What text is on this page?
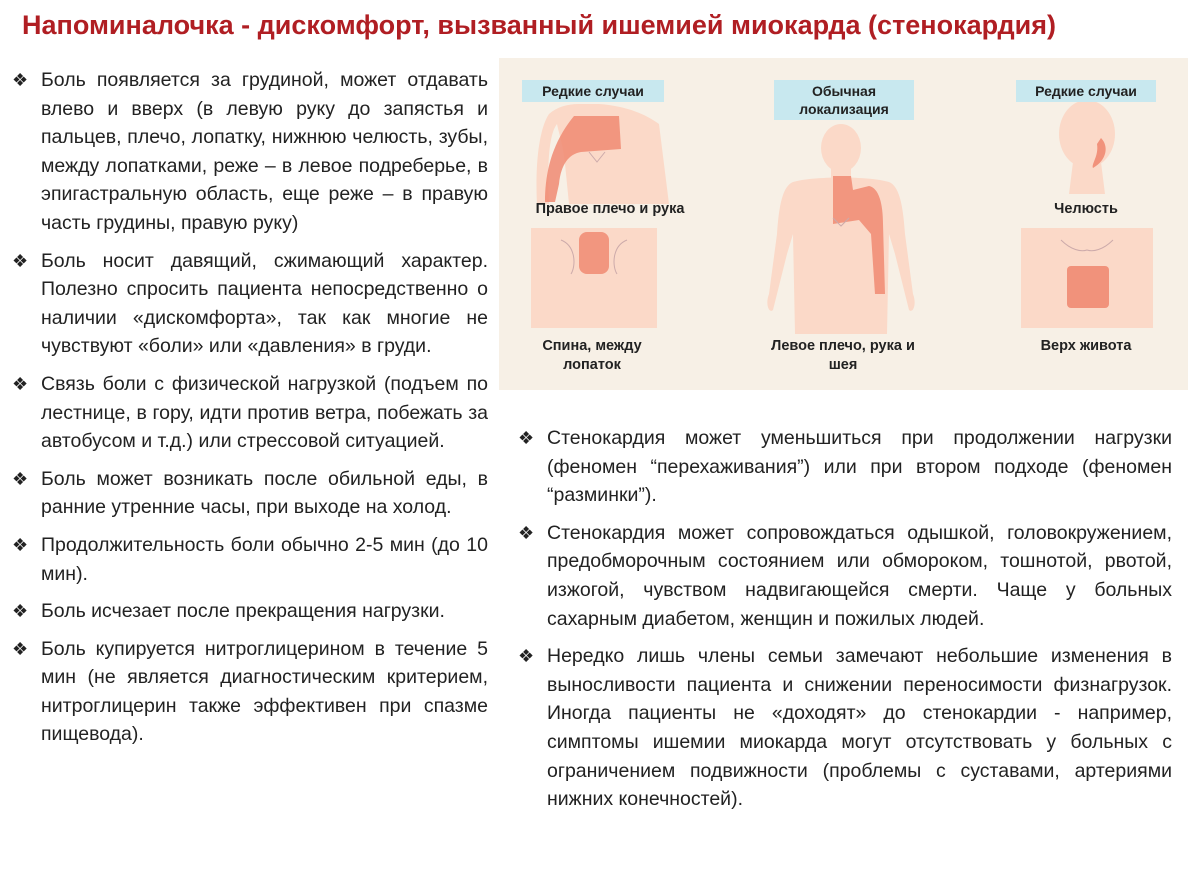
Напоминалочка - дискомфорт, вызванный ишемией миокарда (стенокардия)
❖ Боль появляется за грудиной, может отдавать влево и вверх (в левую руку до запястья и пальцев, плечо, лопатку, нижнюю челюсть, зубы, между лопатками, реже – в левое подреберье, в эпигастральную область, еще реже – в правую часть грудины, правую руку)
❖ Боль носит давящий, сжимающий характер. Полезно спросить пациента непосредственно о наличии «дискомфорта», так как многие не чувствуют «боли» или «давления» в груди.
❖ Связь боли с физической нагрузкой (подъем по лестнице, в гору, идти против ветра, побежать за автобусом и т.д.) или стрессовой ситуацией.
❖ Боль может возникать после обильной еды, в ранние утренние часы, при выходе на холод.
❖ Продолжительность боли обычно 2-5 мин (до 10 мин).
❖ Боль исчезает после прекращения нагрузки.
❖ Боль купируется нитроглицерином в течение 5 мин (не является диагностическим критерием, нитроглицерин также эффективен при спазме пищевода).
Редкие случаи	Обычная локализация
Редкие случаи
Правое плечо и рука
Спина, между лопаток
Левое плечо, рука и шея
Челюсть
Верх живота
❖ Стенокардия может уменьшиться при продолжении нагрузки (феномен “перехаживания”) или при втором подходе (феномен “разминки”).
❖ Стенокардия может сопровождаться одышкой, головокружением, предобморочным состоянием или обмороком, тошнотой, рвотой, изжогой, чувством надвигающейся смерти. Чаще у больных сахарным диабетом, женщин и пожилых людей.
❖ Нередко лишь члены семьи замечают небольшие изменения в выносливости пациента и снижении переносимости физнагрузок. Иногда пациенты не «доходят» до стенокардии - например, симптомы ишемии миокарда могут отсутствовать у больных с ограничением подвижности (проблемы с суставами, артериями нижних конечностей).
